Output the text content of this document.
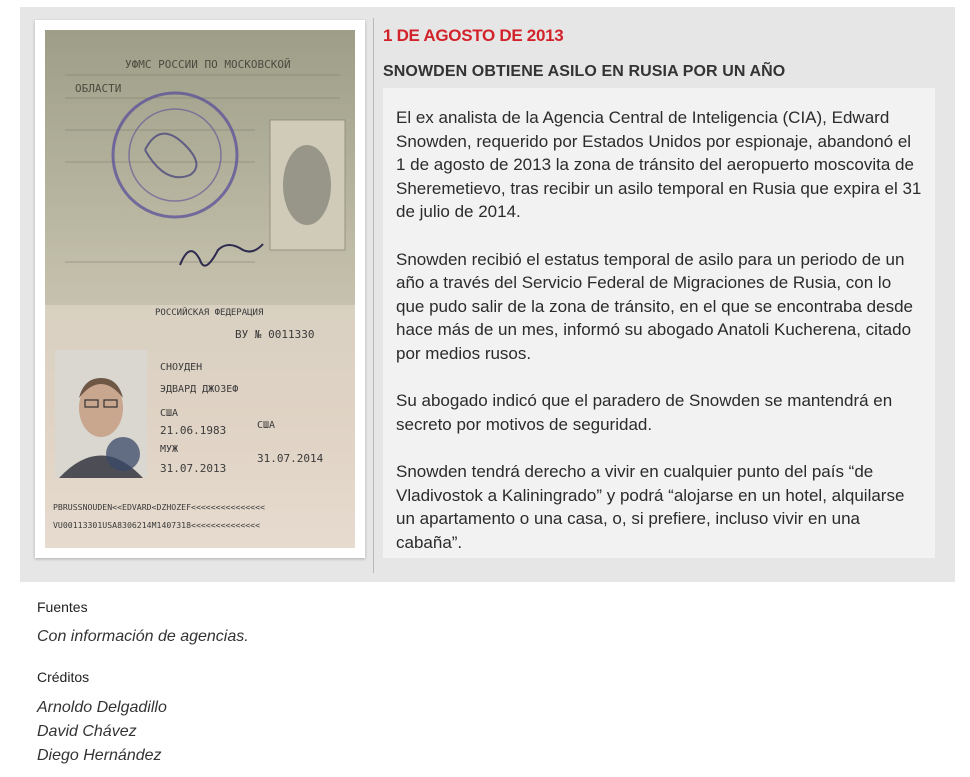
УФМС РОССИИ ПО МОСКОВСКОЙ
ОБЛАСТИ
РОССИЙСКАЯ ФЕДЕРАЦИЯ
ВУ № 0011330
СНОУДЕН
ЭДВАРД ДЖОЗЕФ
США
21.06.1983	США
МУЖ
31.07.2013
31.07.2014
PBRUSSNOUDEN<<EDVARD<DZHOZEF<<<<<<<<<<<<<<<
VU00113301USA8306214M1407318<<<<<<<<<<<<<<
1 DE AGOSTO DE 2013
SNOWDEN OBTIENE ASILO EN RUSIA POR UN AÑO

El ex analista de la Agencia Central de Inteligencia (CIA), Edward Snowden, requerido por Estados Unidos por espionaje, abandonó el 1 de agosto de 2013 la zona de tránsito del aeropuerto moscovita de Sheremetievo, tras recibir un asilo temporal en Rusia que expira el 31 de julio de 2014.

Snowden recibió el estatus temporal de asilo para un periodo de un año a través del Servicio Federal de Migraciones de Rusia, con lo que pudo salir de la zona de tránsito, en el que se encontraba desde hace más de un mes, informó su abogado Anatoli Kucherena, citado por medios rusos.

Su abogado indicó que el paradero de Snowden se mantendrá en secreto por motivos de seguridad.

Snowden tendrá derecho a vivir en cualquier punto del país “de Vladivostok a Kaliningrado” y podrá “alojarse en un hotel, alquilarse un apartamento o una casa, o, si prefiere, incluso vivir en una cabaña”.

Fuentes
Con información de agencias.
Créditos
Arnoldo Delgadillo
David Chávez
Diego Hernández
